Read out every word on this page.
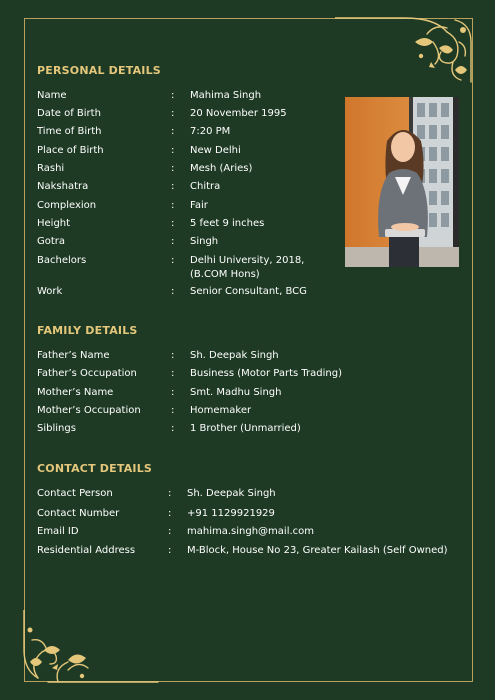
PERSONAL DETAILS
Name	: Mahima Singh
Date of Birth	: 20 November 1995
Time of Birth	: 7:20 PM
Place of Birth	: New Delhi
Rashi	: Mesh (Aries)
Nakshatra	: Chitra
Complexion	: Fair
Height	: 5 feet 9 inches
Gotra	: Singh
Bachelors	: Delhi University, 2018,
(B.COM Hons)
Work	: Senior Consultant, BCG
FAMILY DETAILS
Father’s Name	: Sh. Deepak Singh
Father’s Occupation	: Business (Motor Parts Trading)
Mother’s Name	: Smt. Madhu Singh
Mother’s Occupation	: Homemaker
Siblings	: 1 Brother (Unmarried)
CONTACT DETAILS
Contact Person	: Sh. Deepak Singh
Contact Number	: +91 1129921929
Email ID	: mahima.singh@mail.com
Residential Address	: M-Block, House No 23, Greater Kailash (Self Owned)
